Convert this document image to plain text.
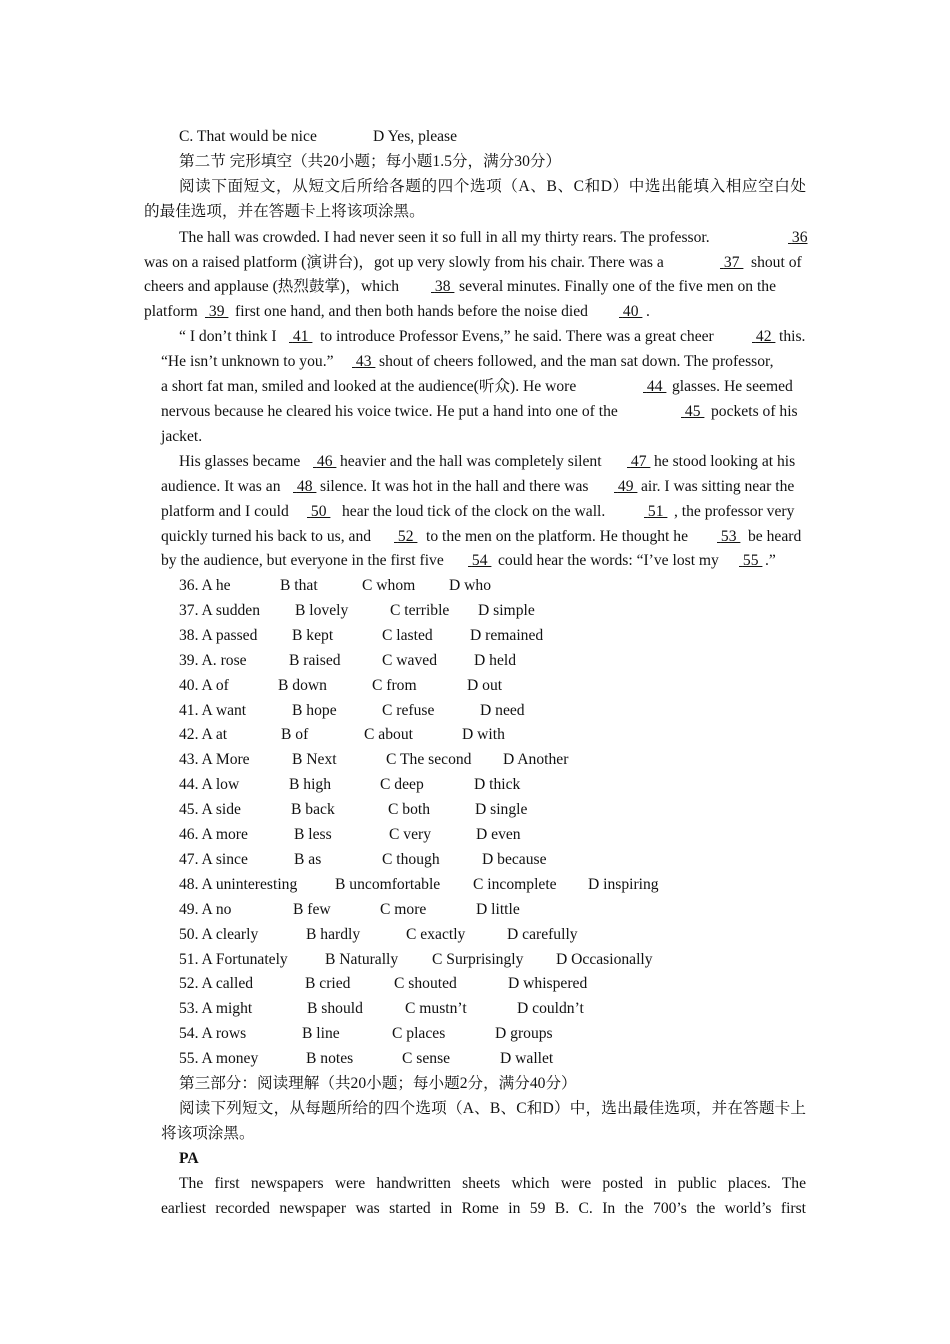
C. That would be nice	D Yes, please
第二节 完形填空（共20小题；每小题1.5分，满分30分）
阅读下面短文，从短文后所给各题的四个选项（A、B、C和D）中选出能填入相应空白处
的最佳选项，并在答题卡上将该项涂黑。
The hall was crowded. I had never seen it so full in all my thirty rears. The professor.	36
was on a raised platform (演讲台)，got up very slowly from his chair. There was a	37 shout of
cheers and applause (热烈鼓掌)，which 38 several minutes. Finally one of the five men on the
platform 39 first one hand, and then both hands before the noise died 40 .
“ I don’t think I 41 to introduce Professor Evens,” he said. There was a great cheer	42 this.
“He isn’t unknown to you.” 43 shout of cheers followed, and the man sat down. The professor,
a short fat man, smiled and looked at the audience(听众). He wore	44 glasses. He seemed
nervous because he cleared his voice twice. He put a hand into one of the	45 pockets of his
jacket.
His glasses became 46 heavier and the hall was completely silent 47 he stood looking at his
audience. It was an 48 silence. It was hot in the hall and there was 49 air. I was sitting near the
platform and I could 50 hear the loud tick of the clock on the wall.	51 , the professor very
quickly turned his back to us, and 52 to the men on the platform. He thought he 53 be heard
by the audience, but everyone in the first five 54 could hear the words: “I’ve lost my 55 .”
36. A he	B that	C whom D who
37. A sudden B lovely	C terrible D simple
38. A passed B kept	C lasted D remained
39. A. rose	B raised	C waved D held
40. A of	B down	C from	D out
41. A want	B hope	C refuse	D need
42. A at	B of	C about	D with
43. A More	B Next	C The second D Another
44. A low	B high	C deep	D thick
45. A side	B back	C both	D single
46. A more	B less	C very	D even
47. A since	B as	C though	D because
48. A uninteresting B uncomfortable C incomplete D inspiring
49. A no	B few	C more	D little
50. A clearly	B hardly	C exactly	D carefully
51. A Fortunately B Naturally C Surprisingly D Occasionally
52. A called	B cried	C shouted	D whispered
53. A might	B should	C mustn’t	D couldn’t
54. A rows	B line	C places	D groups
55. A money	B notes	C sense	D wallet
第三部分：阅读理解（共20小题；每小题2分，满分40分）
阅读下列短文，从每题所给的四个选项（A、B、C和D）中，选出最佳选项，并在答题卡上
将该项涂黑。
PA
The first newspapers were handwritten sheets which were posted in public places. The
earliest recorded newspaper was started in Rome in 59 B. C. In the 700’s the world’s first
